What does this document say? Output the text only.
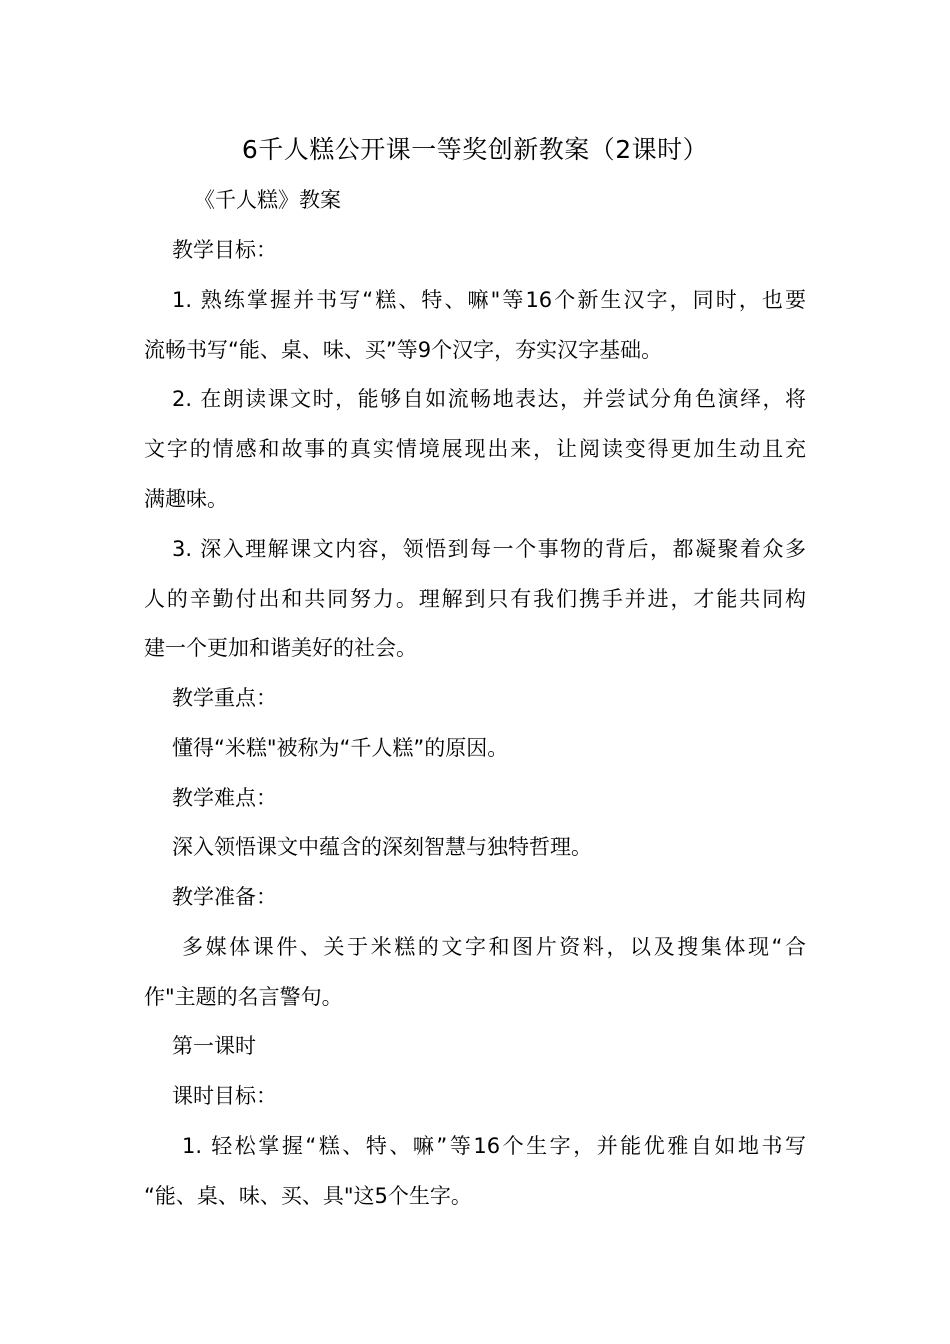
6千人糕公开课一等奖创新教案（2课时）
《千人糕》教案
教学目标：
1. 熟练掌握并书写“糕、特、嘛"等16个新生汉字，同时，也要
流畅书写“能、桌、味、买”等9个汉字，夯实汉字基础。
2. 在朗读课文时，能够自如流畅地表达，并尝试分角色演绎，将
文字的情感和故事的真实情境展现出来，让阅读变得更加生动且充
满趣味。
3. 深入理解课文内容，领悟到每一个事物的背后，都凝聚着众多
人的辛勤付出和共同努力。理解到只有我们携手并进，才能共同构
建一个更加和谐美好的社会。
教学重点：
懂得“米糕"被称为“千人糕”的原因。
教学难点：
深入领悟课文中蕴含的深刻智慧与独特哲理。
教学准备：
多媒体课件、关于米糕的文字和图片资料，以及搜集体现“合
作"主题的名言警句。
第一课时
课时目标：
1. 轻松掌握“糕、特、嘛”等16个生字，并能优雅自如地书写
“能、桌、味、买、具"这5个生字。
